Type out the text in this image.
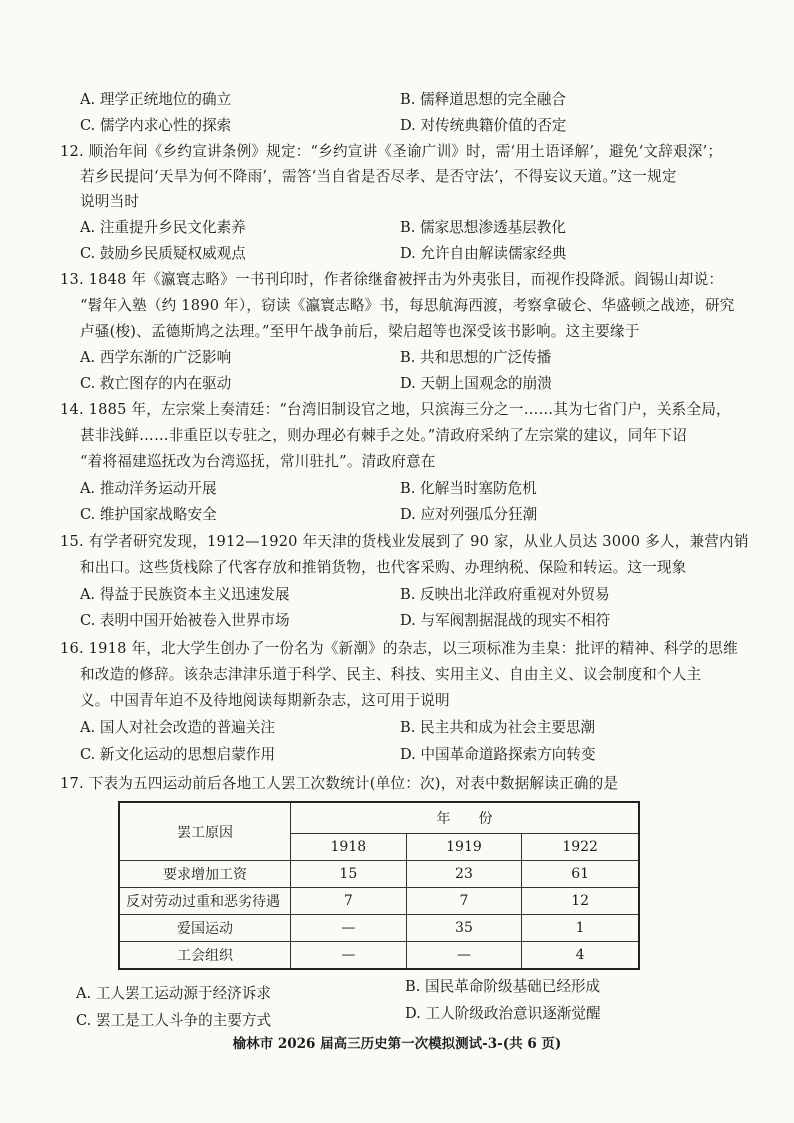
A. 理学正统地位的确立	B. 儒释道思想的完全融合
C. 儒学内求心性的探索	D. 对传统典籍价值的否定
12. 顺治年间《乡约宣讲条例》规定：“乡约宣讲《圣谕广训》时，需‘用土语译解’，避免‘文辞艰深’；
若乡民提问‘天旱为何不降雨’，需答‘当自省是否尽孝、是否守法’，不得妄议天道。”这一规定
说明当时
A. 注重提升乡民文化素养	B. 儒家思想渗透基层教化
C. 鼓励乡民质疑权威观点	D. 允许自由解读儒家经典
13. 1848 年《瀛寰志略》一书刊印时，作者徐继畲被抨击为外夷张目，而视作投降派。阎锡山却说：
“髫年入塾（约 1890 年），窃读《瀛寰志略》书，每思航海西渡，考察拿破仑、华盛顿之战迹，研究
卢骚(梭)、孟德斯鸠之法理。”至甲午战争前后，梁启超等也深受该书影响。这主要缘于
A. 西学东渐的广泛影响	B. 共和思想的广泛传播
C. 救亡图存的内在驱动	D. 天朝上国观念的崩溃
14. 1885 年，左宗棠上奏清廷：“台湾旧制设官之地，只滨海三分之一……其为七省门户，关系全局，
甚非浅鲜……非重臣以专驻之，则办理必有棘手之处。”清政府采纳了左宗棠的建议，同年下诏
“着将福建巡抚改为台湾巡抚，常川驻扎”。清政府意在
A. 推动洋务运动开展	B. 化解当时塞防危机
C. 维护国家战略安全	D. 应对列强瓜分狂潮
15. 有学者研究发现，1912—1920 年天津的货栈业发展到了 90 家，从业人员达 3000 多人，兼营内销
和出口。这些货栈除了代客存放和推销货物，也代客采购、办理纳税、保险和转运。这一现象
A. 得益于民族资本主义迅速发展	B. 反映出北洋政府重视对外贸易
C. 表明中国开始被卷入世界市场	D. 与军阀割据混战的现实不相符
16. 1918 年，北大学生创办了一份名为《新潮》的杂志，以三项标准为圭臬：批评的精神、科学的思维
和改造的修辞。该杂志津津乐道于科学、民主、科技、实用主义、自由主义、议会制度和个人主
义。中国青年迫不及待地阅读每期新杂志，这可用于说明
A. 国人对社会改造的普遍关注	B. 民主共和成为社会主要思潮
C. 新文化运动的思想启蒙作用	D. 中国革命道路探索方向转变
17. 下表为五四运动前后各地工人罢工次数统计(单位：次)，对表中数据解读正确的是
罢工原因	年　　份		
	1918	1919	1922
要求增加工资	15	23	61
反对劳动过重和恶劣待遇	7	7	12
爱国运动	—	35	1
工会组织	—	—	4
A. 工人罢工运动源于经济诉求	B. 国民革命阶级基础已经形成
C. 罢工是工人斗争的主要方式	D. 工人阶级政治意识逐渐觉醒
榆林市 2026 届高三历史第一次模拟测试-3-(共 6 页)
